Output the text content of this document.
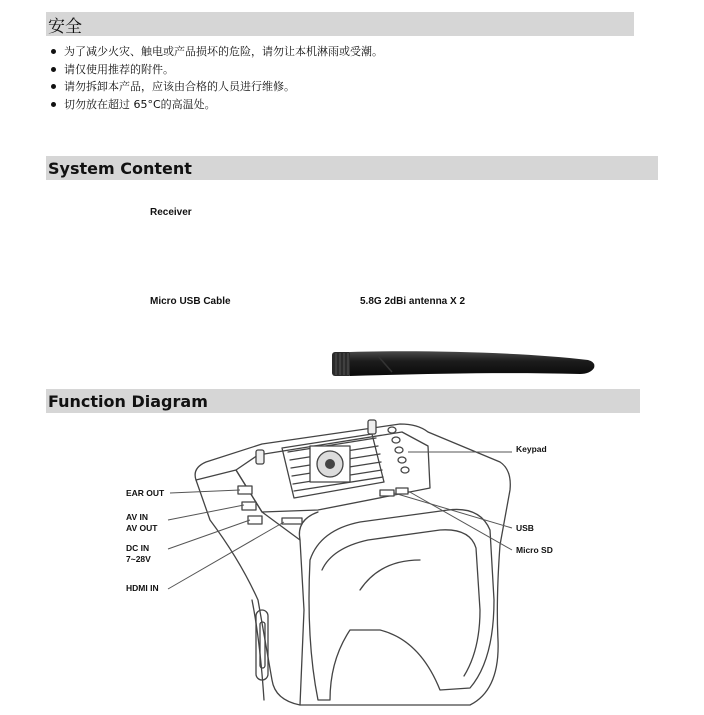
安全
为了减少火灾、触电或产品损坏的危险，请勿让本机淋雨或受潮。
请仅使用推荐的附件。
请勿拆卸本产品，应该由合格的人员进行维修。
切勿放在超过 65°C的高温处。
System Content
Receiver
Micro USB Cable	5.8G 2dBi antenna X 2
Function Diagram
Keypad
EAR OUT
AV IN
AV OUT
DC IN
7~28V
HDMI IN
USB
Micro SD
